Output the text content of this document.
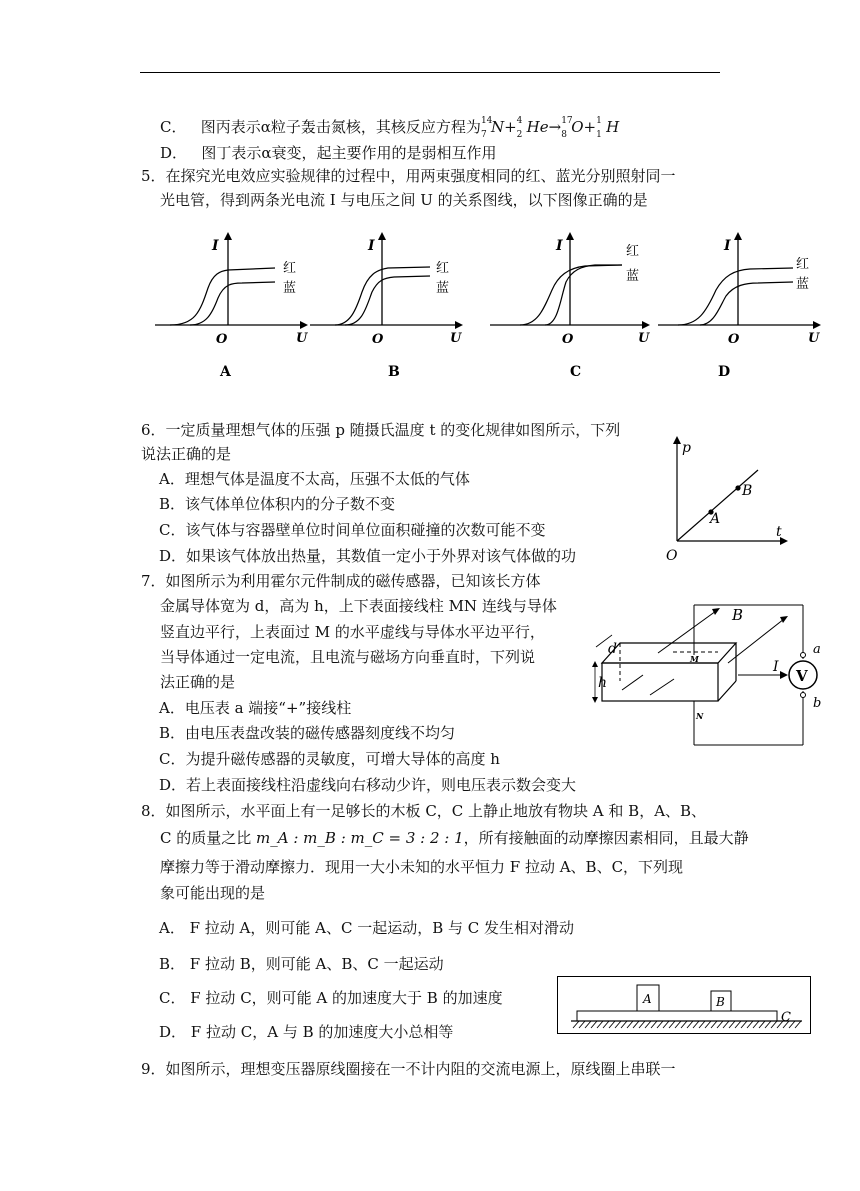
C． 图丙表示α粒子轰击氮核，其核反应方程为 14
7 N+ 4
2 He→ 17
8 O+ 1
1 H
D． 图丁表示α衰变，起主要作用的是弱相互作用
5．在探究光电效应实验规律的过程中，用两束强度相同的红、蓝光分别照射同一
光电管，得到两条光电流 I 与电压之间 U 的关系图线，以下图像正确的是
I
U
O
红
蓝
A
I
U
O
红
蓝
B
I
U
O
红
蓝
C
I
U
O
红
蓝
D
6．一定质量理想气体的压强 p 随摄氏温度 t 的变化规律如图所示，下列
说法正确的是
A．理想气体是温度不太高，压强不太低的气体
B．该气体单位体积内的分子数不变
C．该气体与容器壁单位时间单位面积碰撞的次数可能不变
D．如果该气体放出热量，其数值一定小于外界对该气体做的功
p
t
O
A
B
7．如图所示为利用霍尔元件制成的磁传感器，已知该长方体
金属导体宽为 d，高为 h，上下表面接线柱 MN 连线与导体
竖直边平行，上表面过 M 的水平虚线与导体水平边平行，
当导体通过一定电流，且电流与磁场方向垂直时，下列说
法正确的是
A．电压表 a 端接“+”接线柱
B．由电压表盘改装的磁传感器刻度线不均匀
C．为提升磁传感器的灵敏度，可增大导体的高度 h
D．若上表面接线柱沿虚线向右移动少许，则电压表示数会变大
B
d
h
M
N
I V
a
b
8．如图所示，水平面上有一足够长的木板 C，C 上静止地放有物块 A 和 B，A、B、
C 的质量之比 m_A : m_B : m_C = 3 : 2 : 1，所有接触面的动摩擦因素相同，且最大静
摩擦力等于滑动摩擦力．现用一大小未知的水平恒力 F 拉动 A、B、C，下列现
象可能出现的是
A． F 拉动 A，则可能 A、C 一起运动，B 与 C 发生相对滑动
B． F 拉动 B，则可能 A、B、C 一起运动
C． F 拉动 C，则可能 A 的加速度大于 B 的加速度
D． F 拉动 C，A 与 B 的加速度大小总相等
A	B
C
9．如图所示，理想变压器原线圈接在一不计内阻的交流电源上，原线圈上串联一
